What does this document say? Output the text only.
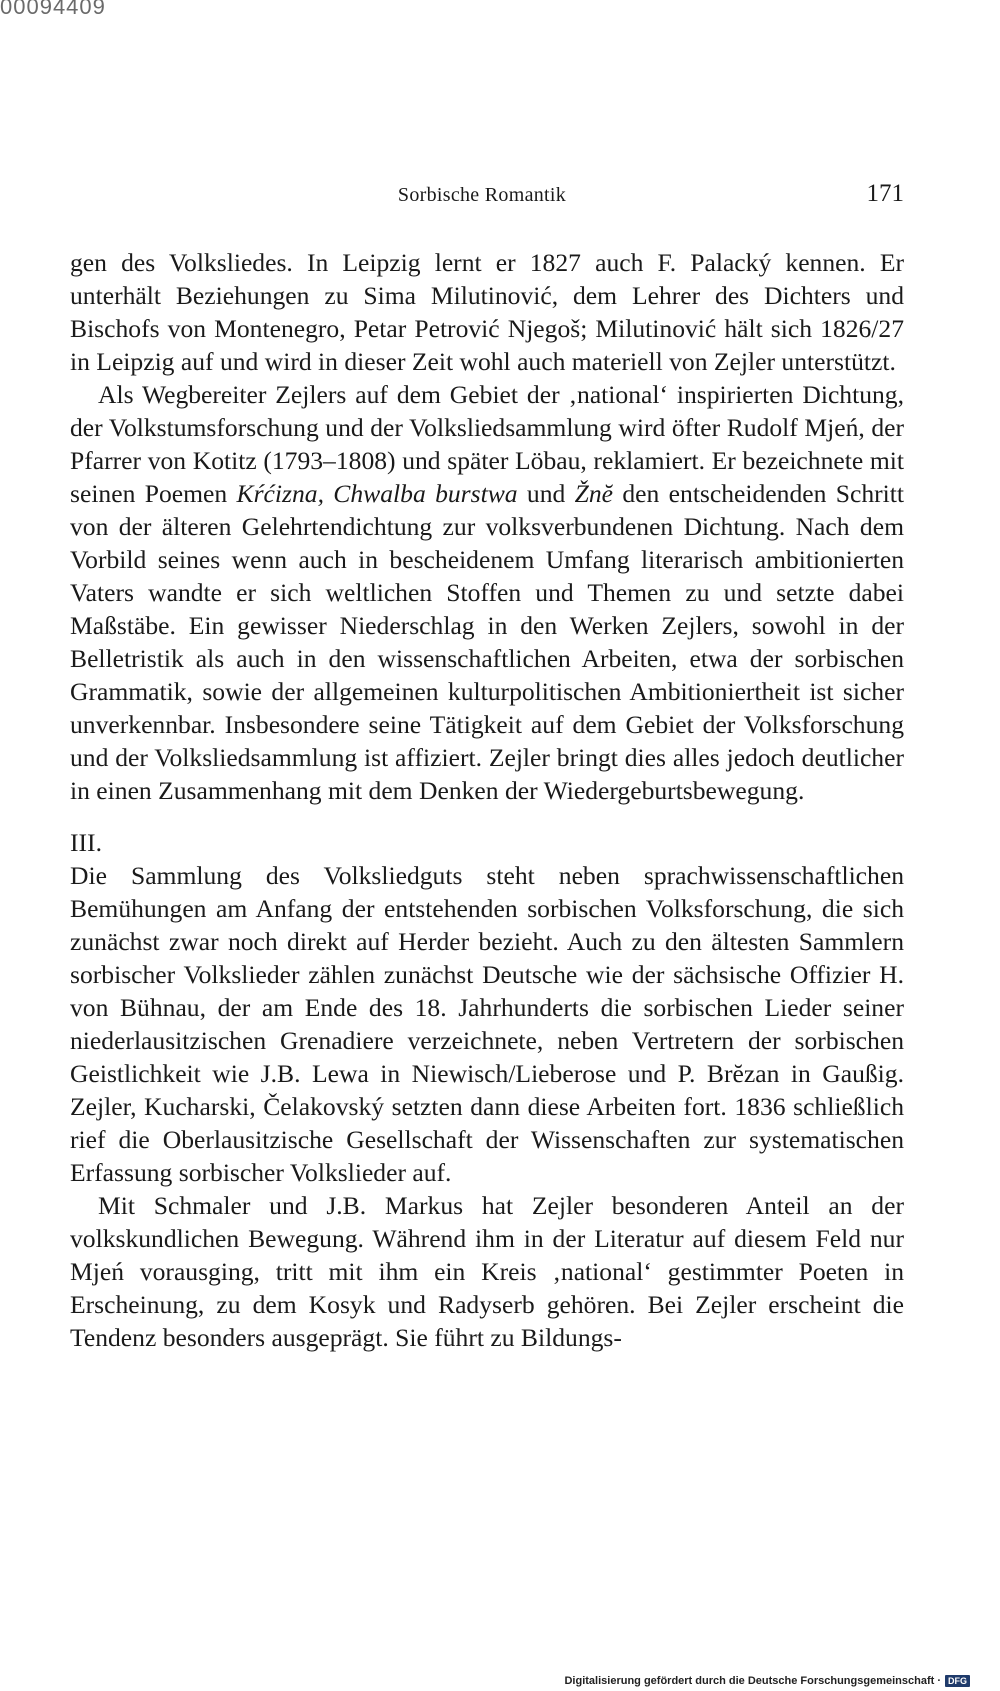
00094409
Sorbische Romantik	171

gen des Volksliedes. In Leipzig lernt er 1827 auch F. Palacký kennen. Er unterhält Beziehungen zu Sima Milutinović, dem Lehrer des Dichters und Bischofs von Montenegro, Petar Petrović Njegoš; Milutinović hält sich 1826/27 in Leipzig auf und wird in dieser Zeit wohl auch materiell von Zejler unterstützt.

Als Wegbereiter Zejlers auf dem Gebiet der ‚national‘ inspirierten Dichtung, der Volkstumsforschung und der Volksliedsammlung wird öfter Rudolf Mjeń, der Pfarrer von Kotitz (1793–1808) und später Löbau, reklamiert. Er bezeichnete mit seinen Poemen Kŕćizna, Chwalba burstwa und Žnĕ den entscheidenden Schritt von der älteren Gelehrtendichtung zur volksverbundenen Dichtung. Nach dem Vorbild seines wenn auch in bescheidenem Umfang literarisch ambitionierten Vaters wandte er sich weltlichen Stoffen und Themen zu und setzte dabei Maßstäbe. Ein gewisser Niederschlag in den Werken Zejlers, sowohl in der Belletristik als auch in den wissenschaftlichen Arbeiten, etwa der sorbischen Grammatik, sowie der allgemeinen kulturpolitischen Ambitioniertheit ist sicher unverkennbar. Insbesondere seine Tätigkeit auf dem Gebiet der Volksforschung und der Volksliedsammlung ist affiziert. Zejler bringt dies alles jedoch deutlicher in einen Zusammenhang mit dem Denken der Wiedergeburtsbewegung.

III.

Die Sammlung des Volksliedguts steht neben sprachwissenschaftlichen Bemühungen am Anfang der entstehenden sorbischen Volksforschung, die sich zunächst zwar noch direkt auf Herder bezieht. Auch zu den ältesten Sammlern sorbischer Volkslieder zählen zunächst Deutsche wie der sächsische Offizier H. von Bühnau, der am Ende des 18. Jahrhunderts die sorbischen Lieder seiner niederlausitzischen Grenadiere verzeichnete, neben Vertretern der sorbischen Geistlichkeit wie J.B. Lewa in Niewisch/Lieberose und P. Brĕzan in Gaußig. Zejler, Kucharski, Čelakovský setzten dann diese Arbeiten fort. 1836 schließlich rief die Oberlausitzische Gesellschaft der Wissenschaften zur systematischen Erfassung sorbischer Volkslieder auf.

Mit Schmaler und J.B. Markus hat Zejler besonderen Anteil an der volkskundlichen Bewegung. Während ihm in der Literatur auf diesem Feld nur Mjeń vorausging, tritt mit ihm ein Kreis ‚national‘ gestimmter Poeten in Erscheinung, zu dem Kosyk und Radyserb gehören. Bei Zejler erscheint die Tendenz besonders ausgeprägt. Sie führt zu Bildungs-

Digitalisierung gefördert durch die Deutsche Forschungsgemeinschaft · DFG
